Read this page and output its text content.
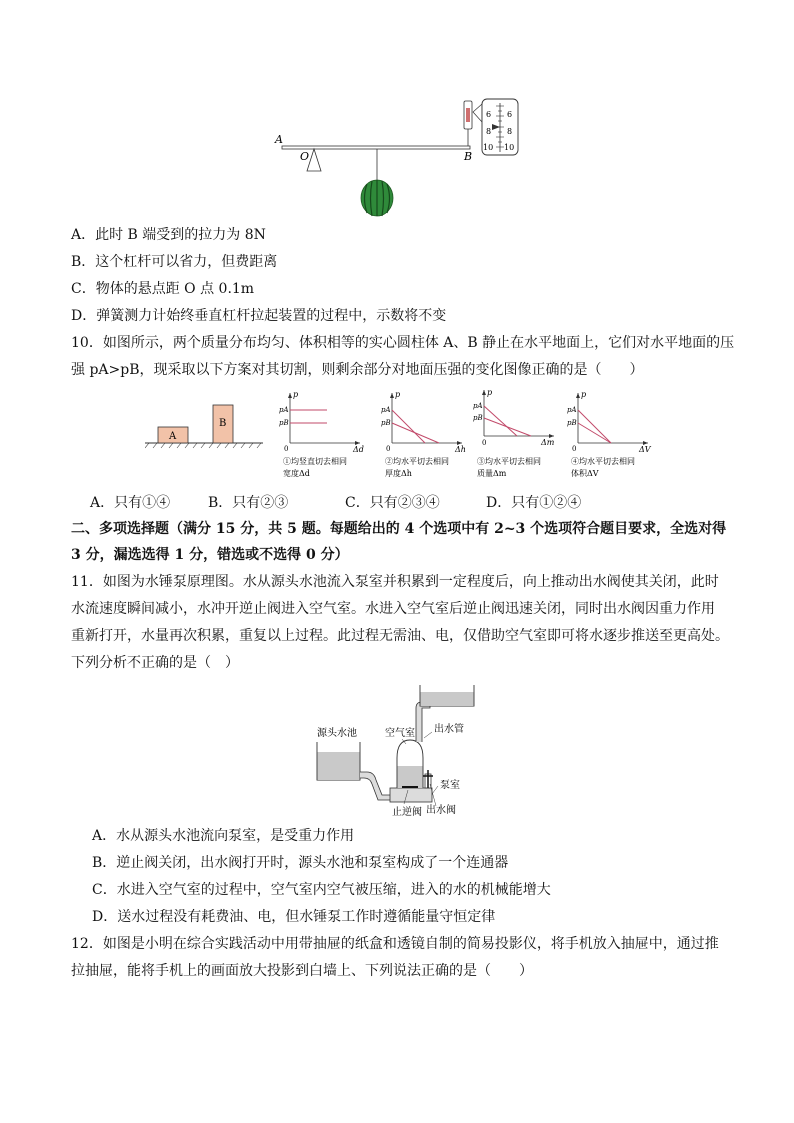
6
8
10
6
8
10
A
O	B
A．此时 B 端受到的拉力为 8N
B．这个杠杆可以省力，但费距离
C．物体的悬点距 O 点 0.1m
D．弹簧测力计始终垂直杠杆拉起装置的过程中，示数将不变
10．如图所示，两个质量分布均匀、体积相等的实心圆柱体 A、B 静止在水平地面上，它们对水平地面的压
强 pA>pB，现采取以下方案对其切割，则剩余部分对地面压强的变化图像正确的是（　　）
A
B
p
pA
pB
0	Δd
①均竖直切去相同
宽度Δd
p
pA
pB
0	Δh
②均水平切去相同
厚度Δh
p
pA
pB
0	Δm
③均水平切去相同
质量Δm
p
pA
pB
0	ΔV
④均水平切去相同
体积ΔV
A．只有①④	B．只有②③	C．只有②③④	D．只有①②④
二、多项选择题（满分 15 分，共 5 题。每题给出的 4 个选项中有 2~3 个选项符合题目要求，全选对得
3 分，漏选选得 1 分，错选或不选得 0 分）
11．如图为水锤泵原理图。水从源头水池流入泵室并积累到一定程度后，向上推动出水阀使其关闭，此时
水流速度瞬间减小，水冲开逆止阀进入空气室。水进入空气室后逆止阀迅速关闭，同时出水阀因重力作用
重新打开，水量再次积累，重复以上过程。此过程无需油、电，仅借助空气室即可将水逐步推送至更高处。
下列分析不正确的是（　）
源头水池	空气室 出水管
泵室
止逆阀 出水阀
A．水从源头水池流向泵室，是受重力作用
B．逆止阀关闭，出水阀打开时，源头水池和泵室构成了一个连通器
C．水进入空气室的过程中，空气室内空气被压缩，进入的水的机械能增大
D．送水过程没有耗费油、电，但水锤泵工作时遵循能量守恒定律
12．如图是小明在综合实践活动中用带抽屉的纸盒和透镜自制的简易投影仪，将手机放入抽屉中，通过推
拉抽屉，能将手机上的画面放大投影到白墙上、下列说法正确的是（　　）
